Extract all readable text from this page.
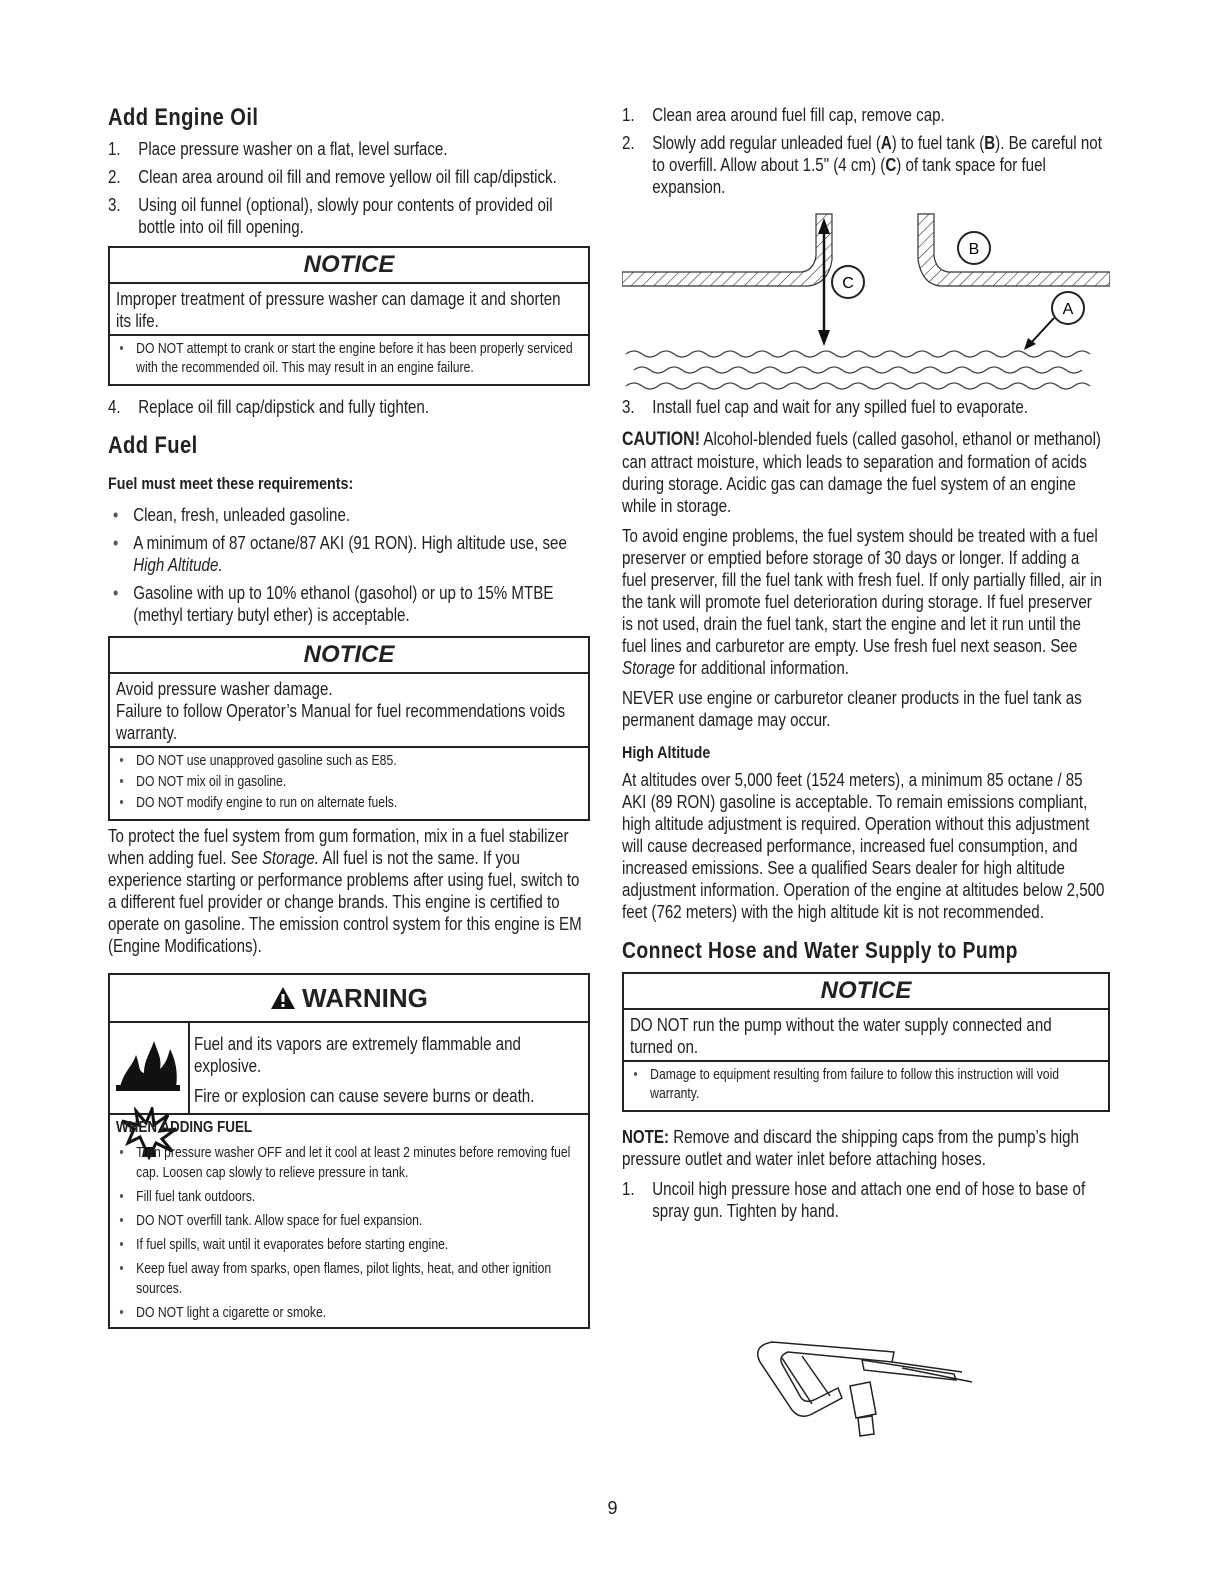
Add Engine Oil
1. Place pressure washer on a flat, level surface.
2. Clean area around oil fill and remove yellow oil fill cap/dipstick.
3. Using oil funnel (optional), slowly pour contents of provided oil bottle into oil fill opening.
NOTICE
Improper treatment of pressure washer can damage it and shorten its life.
• DO NOT attempt to crank or start the engine before it has been properly serviced with the recommended oil. This may result in an engine failure.
4. Replace oil fill cap/dipstick and fully tighten.
Add Fuel
Fuel must meet these requirements:
• Clean, fresh, unleaded gasoline.
• A minimum of 87 octane/87 AKI (91 RON). High altitude use, see High Altitude.
• Gasoline with up to 10% ethanol (gasohol) or up to 15% MTBE (methyl tertiary butyl ether) is acceptable.
NOTICE
Avoid pressure washer damage.
Failure to follow Operator’s Manual for fuel recommendations voids warranty.
• DO NOT use unapproved gasoline such as E85.
• DO NOT mix oil in gasoline.
• DO NOT modify engine to run on alternate fuels.

To protect the fuel system from gum formation, mix in a fuel stabilizer when adding fuel. See Storage. All fuel is not the same. If you experience starting or performance problems after using fuel, switch to a different fuel provider or change brands. This engine is certified to operate on gasoline. The emission control system for this engine is EM (Engine Modifications).

WARNING

Fuel and its vapors are extremely flammable and explosive.

Fire or explosion can cause severe burns or death.

WHEN ADDING FUEL
• Turn pressure washer OFF and let it cool at least 2 minutes before removing fuel cap. Loosen cap slowly to relieve pressure in tank.
• Fill fuel tank outdoors.
• DO NOT overfill tank. Allow space for fuel expansion.
• If fuel spills, wait until it evaporates before starting engine.
• Keep fuel away from sparks, open flames, pilot lights, heat, and other ignition sources.
• DO NOT light a cigarette or smoke.
1. Clean area around fuel fill cap, remove cap.
2. Slowly add regular unleaded fuel (A) to fuel tank (B). Be careful not to overfill. Allow about 1.5" (4 cm) (C) of tank space for fuel expansion.
C
B
A
3. Install fuel cap and wait for any spilled fuel to evaporate.

CAUTION! Alcohol-blended fuels (called gasohol, ethanol or methanol) can attract moisture, which leads to separation and formation of acids during storage. Acidic gas can damage the fuel system of an engine while in storage.

To avoid engine problems, the fuel system should be treated with a fuel preserver or emptied before storage of 30 days or longer. If adding a fuel preserver, fill the fuel tank with fresh fuel. If only partially filled, air in the tank will promote fuel deterioration during storage. If fuel preserver is not used, drain the fuel tank, start the engine and let it run until the fuel lines and carburetor are empty. Use fresh fuel next season. See Storage for additional information.

NEVER use engine or carburetor cleaner products in the fuel tank as permanent damage may occur.

High Altitude

At altitudes over 5,000 feet (1524 meters), a minimum 85 octane / 85 AKI (89 RON) gasoline is acceptable. To remain emissions compliant, high altitude adjustment is required. Operation without this adjustment will cause decreased performance, increased fuel consumption, and increased emissions. See a qualified Sears dealer for high altitude adjustment information. Operation of the engine at altitudes below 2,500 feet (762 meters) with the high altitude kit is not recommended.

Connect Hose and Water Supply to Pump
NOTICE
DO NOT run the pump without the water supply connected and turned on.
• Damage to equipment resulting from failure to follow this instruction will void warranty.

NOTE: Remove and discard the shipping caps from the pump’s high pressure outlet and water inlet before attaching hoses.

1. Uncoil high pressure hose and attach one end of hose to base of spray gun. Tighten by hand.
9
